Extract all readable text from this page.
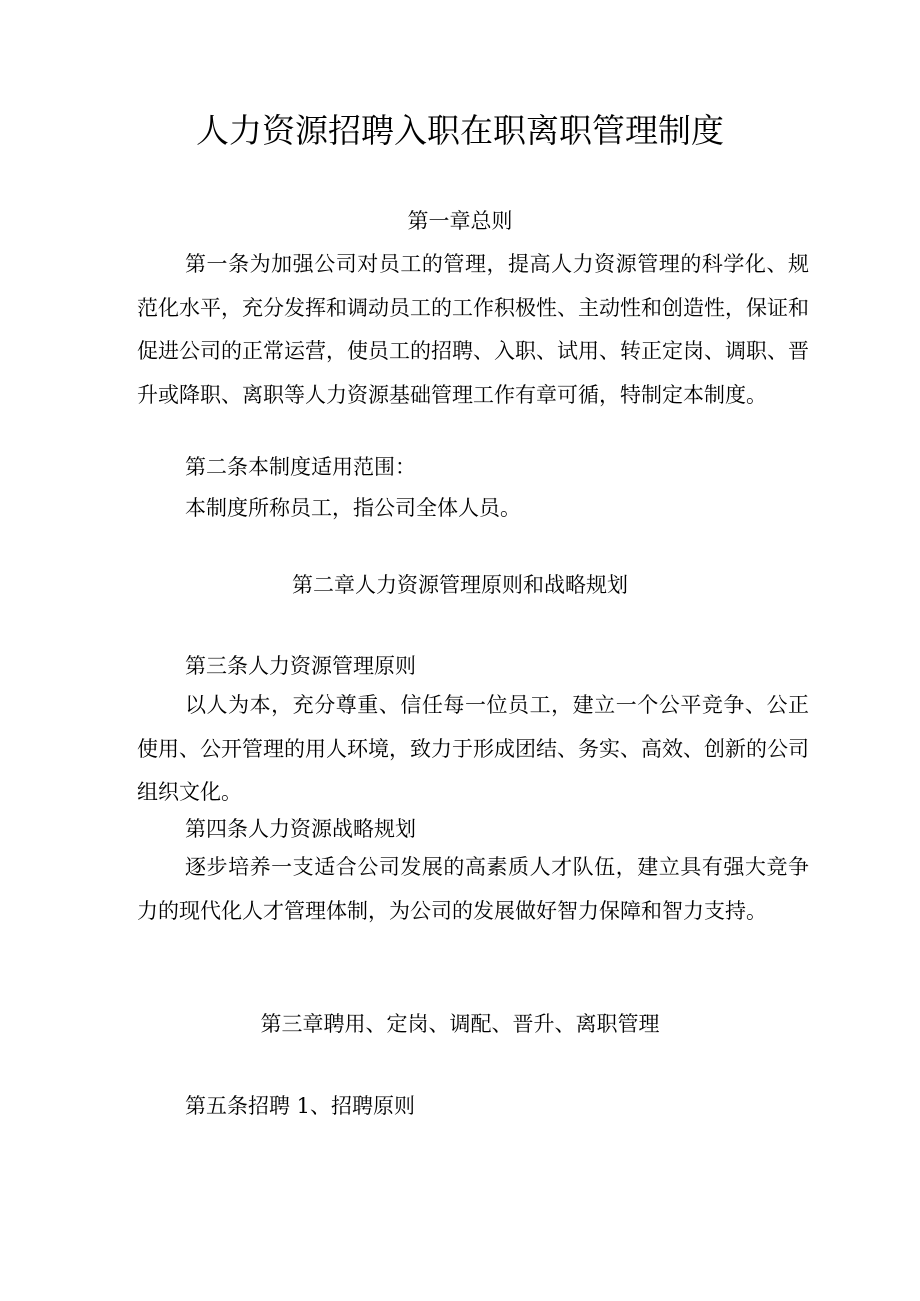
人力资源招聘入职在职离职管理制度
第一章总则
第一条为加强公司对员工的管理，提高人力资源管理的科学化、规范化水平，充分发挥和调动员工的工作积极性、主动性和创造性，保证和促进公司的正常运营，使员工的招聘、入职、试用、转正定岗、调职、晋升或降职、离职等人力资源基础管理工作有章可循，特制定本制度。
第二条本制度适用范围：
本制度所称员工，指公司全体人员。
第二章人力资源管理原则和战略规划
第三条人力资源管理原则
以人为本，充分尊重、信任每一位员工，建立一个公平竞争、公正使用、公开管理的用人环境，致力于形成团结、务实、高效、创新的公司组织文化。
第四条人力资源战略规划
逐步培养一支适合公司发展的高素质人才队伍，建立具有强大竞争力的现代化人才管理体制，为公司的发展做好智力保障和智力支持。
第三章聘用、定岗、调配、晋升、离职管理
第五条招聘 1、招聘原则
